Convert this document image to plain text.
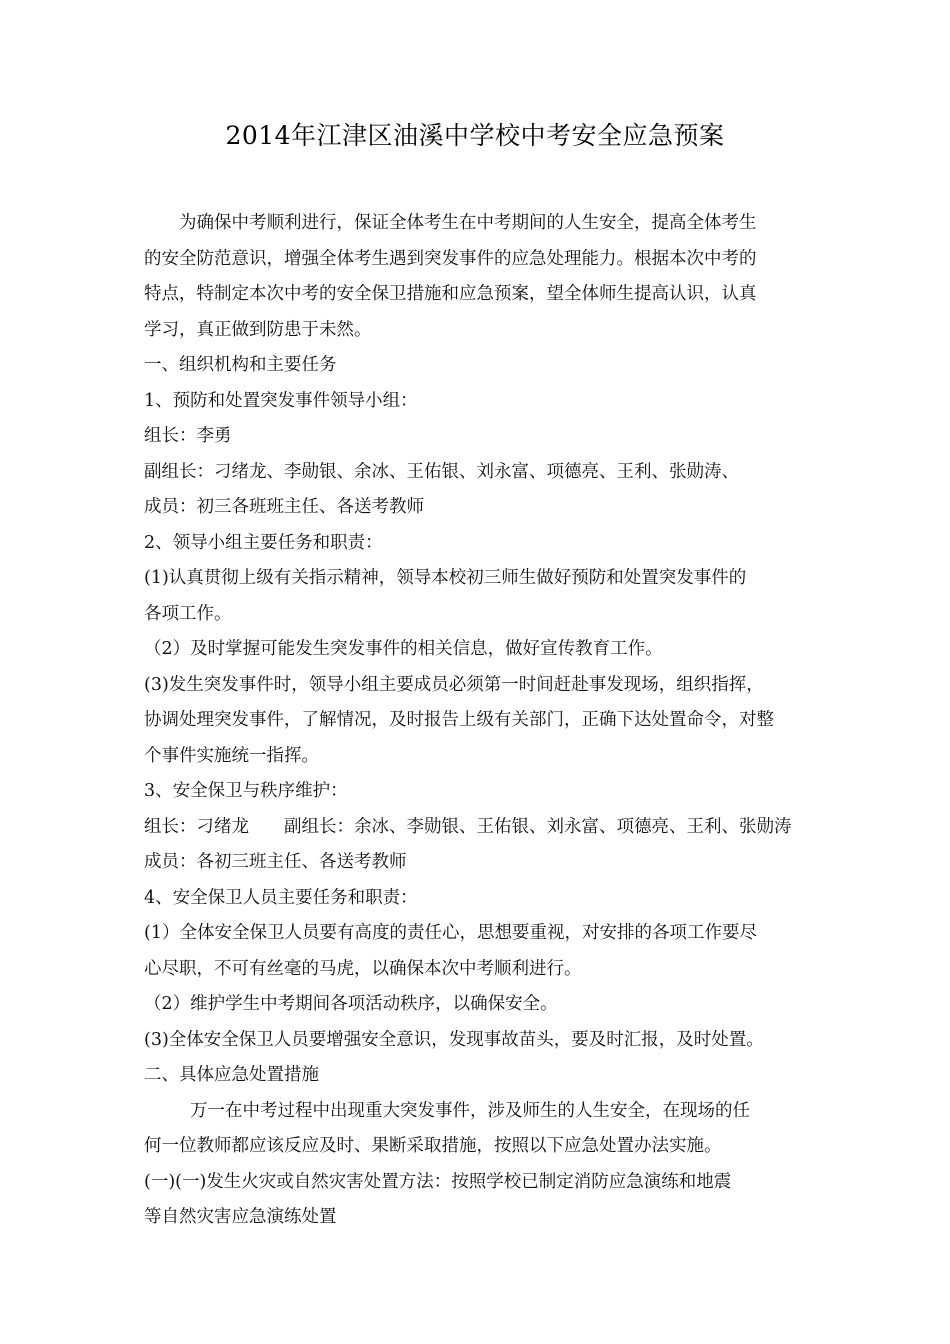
2014年江津区油溪中学校中考安全应急预案
为确保中考顺利进行，保证全体考生在中考期间的人生安全，提高全体考生
的安全防范意识，增强全体考生遇到突发事件的应急处理能力。根据本次中考的
特点，特制定本次中考的安全保卫措施和应急预案，望全体师生提高认识，认真
学习，真正做到防患于未然。
一、组织机构和主要任务
1、预防和处置突发事件领导小组：
组长：李勇
副组长：刁绪龙、李勋银、余冰、王佑银、刘永富、项德亮、王利、张勋涛、
成员：初三各班班主任、各送考教师
2、领导小组主要任务和职责：
(1)认真贯彻上级有关指示精神，领导本校初三师生做好预防和处置突发事件的
各项工作。
（2）及时掌握可能发生突发事件的相关信息，做好宣传教育工作。
(3)发生突发事件时，领导小组主要成员必须第一时间赶赴事发现场，组织指挥，
协调处理突发事件，了解情况，及时报告上级有关部门，正确下达处置命令，对整
个事件实施统一指挥。
3、安全保卫与秩序维护：
组长：刁绪龙　　副组长：余冰、李勋银、王佑银、刘永富、项德亮、王利、张勋涛
成员：各初三班主任、各送考教师
4、安全保卫人员主要任务和职责：
(1）全体安全保卫人员要有高度的责任心，思想要重视，对安排的各项工作要尽
心尽职，不可有丝毫的马虎，以确保本次中考顺利进行。
（2）维护学生中考期间各项活动秩序，以确保安全。
(3)全体安全保卫人员要增强安全意识，发现事故苗头，要及时汇报，及时处置。
二、具体应急处置措施
万一在中考过程中出现重大突发事件，涉及师生的人生安全，在现场的任
何一位教师都应该反应及时、果断采取措施，按照以下应急处置办法实施。
(一)(一)发生火灾或自然灾害处置方法：按照学校已制定消防应急演练和地震
等自然灾害应急演练处置
